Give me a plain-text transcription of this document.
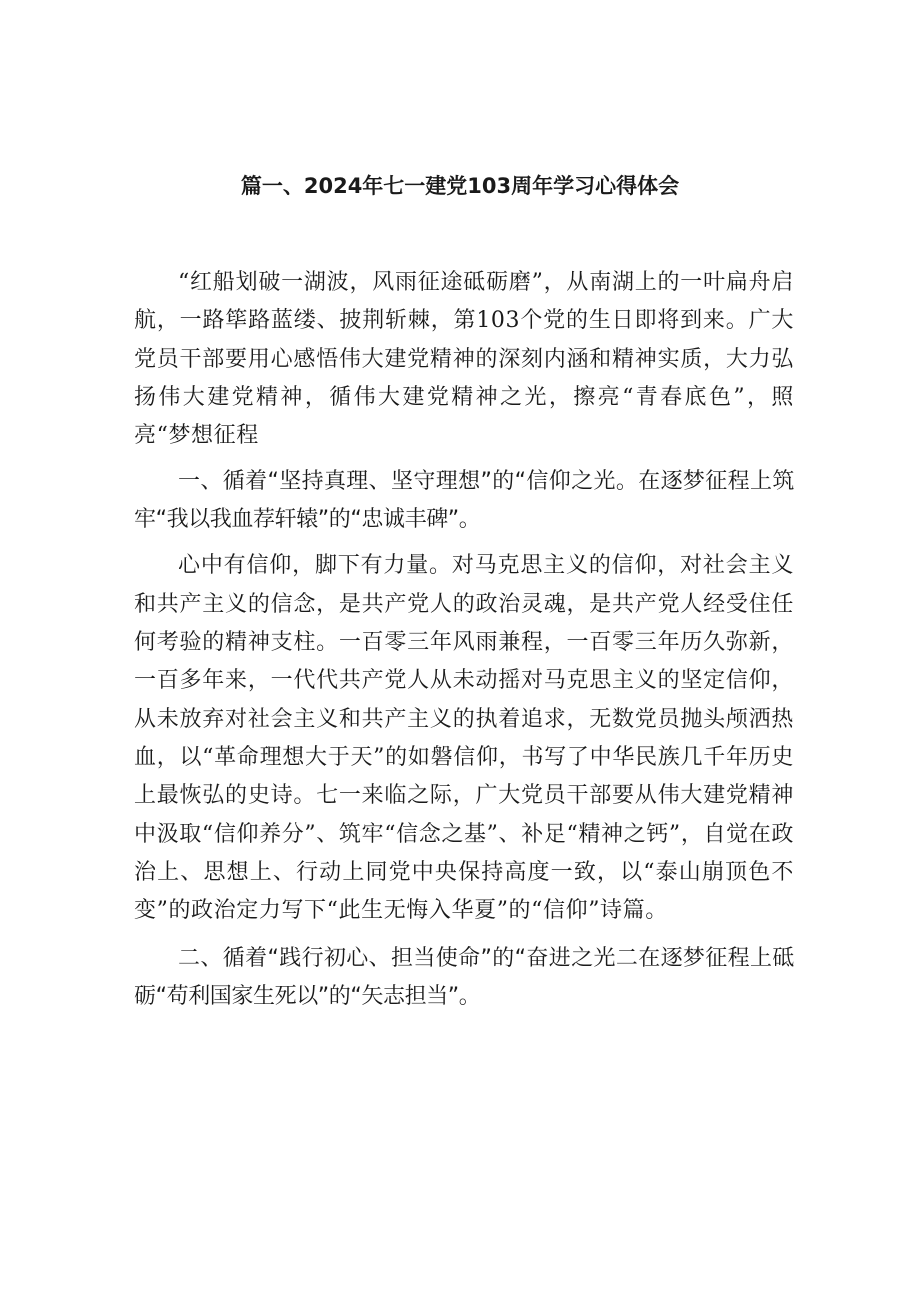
篇一、2024年七一建党103周年学习心得体会

“红船划破一湖波，风雨征途砥砺磨”，从南湖上的一叶扁舟启航，一路筚路蓝缕、披荆斩棘，第103个党的生日即将到来。广大党员干部要用心感悟伟大建党精神的深刻内涵和精神实质，大力弘扬伟大建党精神，循伟大建党精神之光，擦亮“青春底色”，照亮“梦想征程

一、循着“坚持真理、坚守理想”的“信仰之光。在逐梦征程上筑牢“我以我血荐轩辕”的“忠诚丰碑”。

心中有信仰，脚下有力量。对马克思主义的信仰，对社会主义和共产主义的信念，是共产党人的政治灵魂，是共产党人经受住任何考验的精神支柱。一百零三年风雨兼程，一百零三年历久弥新，一百多年来，一代代共产党人从未动摇对马克思主义的坚定信仰，从未放弃对社会主义和共产主义的执着追求，无数党员抛头颅洒热血，以“革命理想大于天”的如磐信仰，书写了中华民族几千年历史上最恢弘的史诗。七一来临之际，广大党员干部要从伟大建党精神中汲取“信仰养分”、筑牢“信念之基”、补足“精神之钙”，自觉在政治上、思想上、行动上同党中央保持高度一致，以“泰山崩顶色不变”的政治定力写下“此生无悔入华夏”的“信仰”诗篇。

二、循着“践行初心、担当使命”的“奋进之光二在逐梦征程上砥砺“苟利国家生死以”的“矢志担当”。
